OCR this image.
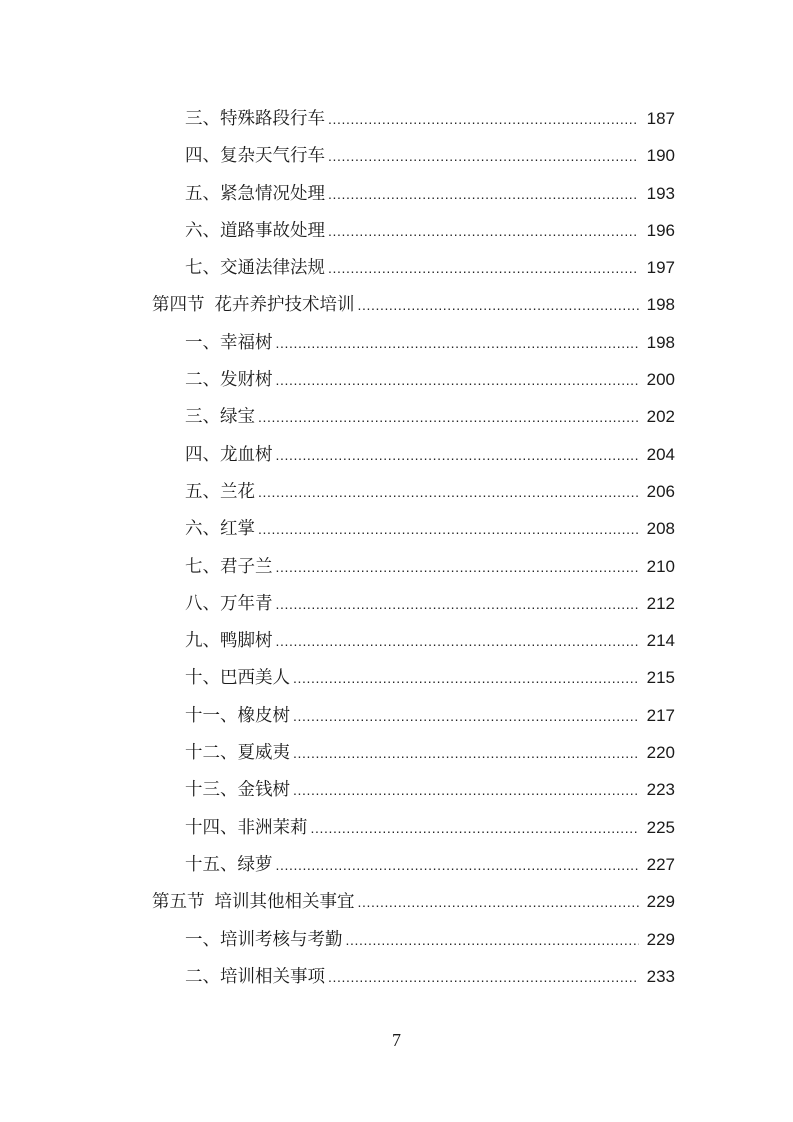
三、特殊路段行车 .....	187
四、复杂天气行车 .....	190
五、紧急情况处理 .....	193
六、道路事故处理 .....	196
七、交通法律法规 .....	197
第四节 花卉养护技术培训 .....	198
一、幸福树 .....	198
二、发财树 .....	200
三、绿宝 .....	202
四、龙血树 .....	204
五、兰花 .....	206
六、红掌 .....	208
七、君子兰 .....	210
八、万年青 .....	212
九、鸭脚树 .....	214
十、巴西美人 .....	215
十一、橡皮树 .....	217
十二、夏威夷 .....	220
十三、金钱树 .....	223
十四、非洲茉莉 .....	225
十五、绿萝 .....	227
第五节 培训其他相关事宜 .....	229
一、培训考核与考勤 .....	229
二、培训相关事项 .....	233
7
